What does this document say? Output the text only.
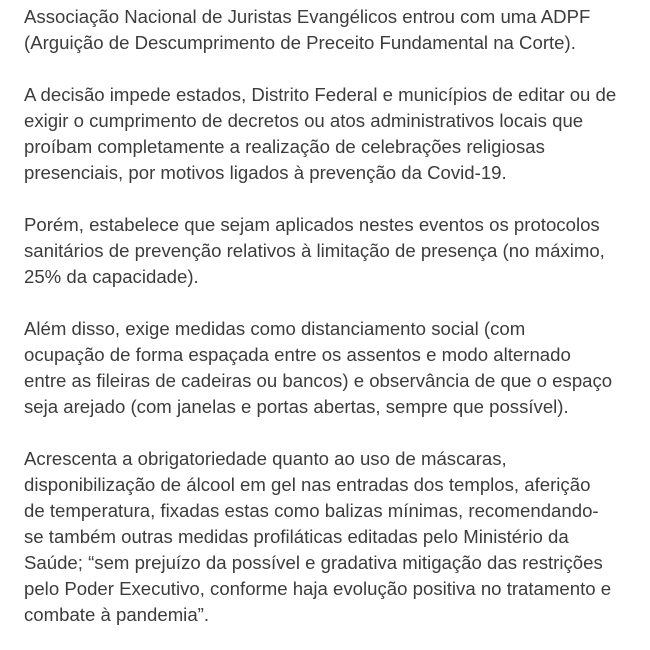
Associação Nacional de Juristas Evangélicos entrou com uma ADPF
(Arguição de Descumprimento de Preceito Fundamental na Corte).

A decisão impede estados, Distrito Federal e municípios de editar ou de
exigir o cumprimento de decretos ou atos administrativos locais que
proíbam completamente a realização de celebrações religiosas
presenciais, por motivos ligados à prevenção da Covid-19.

Porém, estabelece que sejam aplicados nestes eventos os protocolos
sanitários de prevenção relativos à limitação de presença (no máximo,
25% da capacidade).

Além disso, exige medidas como distanciamento social (com
ocupação de forma espaçada entre os assentos e modo alternado
entre as fileiras de cadeiras ou bancos) e observância de que o espaço
seja arejado (com janelas e portas abertas, sempre que possível).

Acrescenta a obrigatoriedade quanto ao uso de máscaras,
disponibilização de álcool em gel nas entradas dos templos, aferição
de temperatura, fixadas estas como balizas mínimas, recomendando-
se também outras medidas profiláticas editadas pelo Ministério da
Saúde; “sem prejuízo da possível e gradativa mitigação das restrições
pelo Poder Executivo, conforme haja evolução positiva no tratamento e
combate à pandemia”.
